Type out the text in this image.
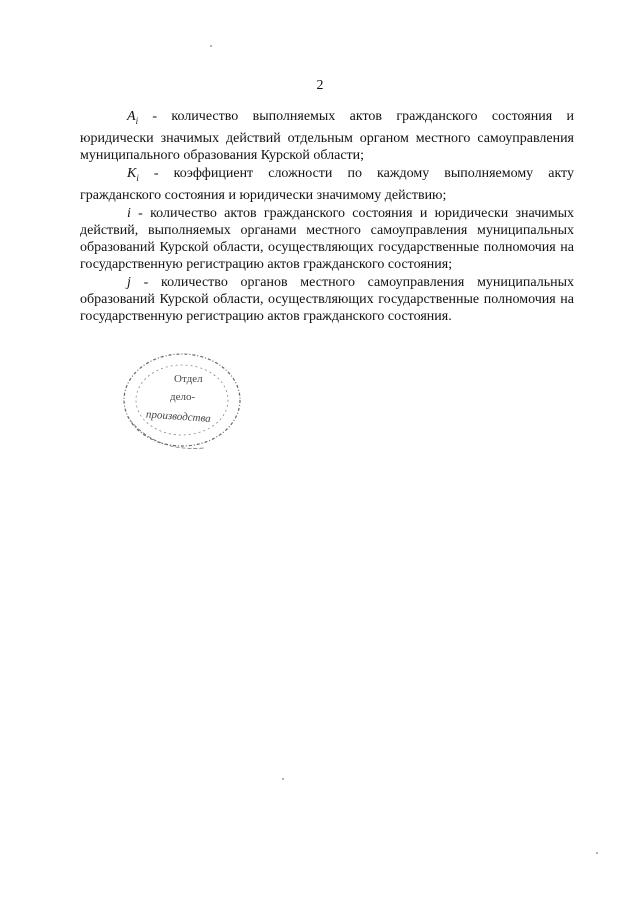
2

$A_i$ - количество выполняемых актов гражданского состояния и юридически значимых действий отдельным органом местного самоуправления муниципального образования Курской области;

$K_i$ - коэффициент сложности по каждому выполняемому акту гражданского состояния и юридически значимому действию;

i - количество актов гражданского состояния и юридически значимых действий, выполняемых органами местного самоуправления муниципальных образований Курской области, осуществляющих государственные полномочия на государственную регистрацию актов гражданского состояния;

j - количество органов местного самоуправления муниципальных образований Курской области, осуществляющих государственные полномочия на государственную регистрацию актов гражданского состояния.

Отдел
дело-
производства
